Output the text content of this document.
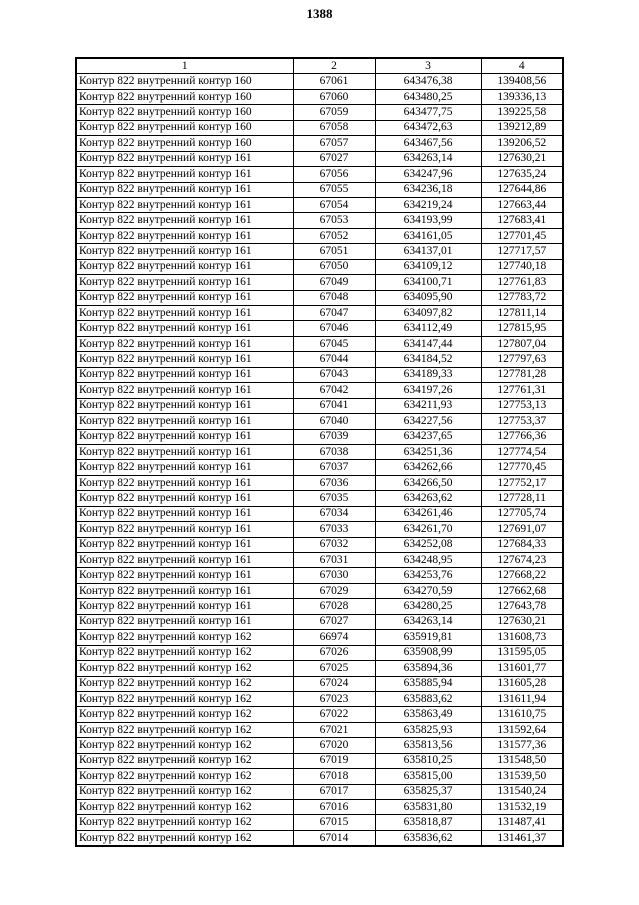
1388
1	2	3	4
Контур 822 внутренний контур 160	67061	643476,38	139408,56
Контур 822 внутренний контур 160	67060	643480,25	139336,13
Контур 822 внутренний контур 160	67059	643477,75	139225,58
Контур 822 внутренний контур 160	67058	643472,63	139212,89
Контур 822 внутренний контур 160	67057	643467,56	139206,52
Контур 822 внутренний контур 161	67027	634263,14	127630,21
Контур 822 внутренний контур 161	67056	634247,96	127635,24
Контур 822 внутренний контур 161	67055	634236,18	127644,86
Контур 822 внутренний контур 161	67054	634219,24	127663,44
Контур 822 внутренний контур 161	67053	634193,99	127683,41
Контур 822 внутренний контур 161	67052	634161,05	127701,45
Контур 822 внутренний контур 161	67051	634137,01	127717,57
Контур 822 внутренний контур 161	67050	634109,12	127740,18
Контур 822 внутренний контур 161	67049	634100,71	127761,83
Контур 822 внутренний контур 161	67048	634095,90	127783,72
Контур 822 внутренний контур 161	67047	634097,82	127811,14
Контур 822 внутренний контур 161	67046	634112,49	127815,95
Контур 822 внутренний контур 161	67045	634147,44	127807,04
Контур 822 внутренний контур 161	67044	634184,52	127797,63
Контур 822 внутренний контур 161	67043	634189,33	127781,28
Контур 822 внутренний контур 161	67042	634197,26	127761,31
Контур 822 внутренний контур 161	67041	634211,93	127753,13
Контур 822 внутренний контур 161	67040	634227,56	127753,37
Контур 822 внутренний контур 161	67039	634237,65	127766,36
Контур 822 внутренний контур 161	67038	634251,36	127774,54
Контур 822 внутренний контур 161	67037	634262,66	127770,45
Контур 822 внутренний контур 161	67036	634266,50	127752,17
Контур 822 внутренний контур 161	67035	634263,62	127728,11
Контур 822 внутренний контур 161	67034	634261,46	127705,74
Контур 822 внутренний контур 161	67033	634261,70	127691,07
Контур 822 внутренний контур 161	67032	634252,08	127684,33
Контур 822 внутренний контур 161	67031	634248,95	127674,23
Контур 822 внутренний контур 161	67030	634253,76	127668,22
Контур 822 внутренний контур 161	67029	634270,59	127662,68
Контур 822 внутренний контур 161	67028	634280,25	127643,78
Контур 822 внутренний контур 161	67027	634263,14	127630,21
Контур 822 внутренний контур 162	66974	635919,81	131608,73
Контур 822 внутренний контур 162	67026	635908,99	131595,05
Контур 822 внутренний контур 162	67025	635894,36	131601,77
Контур 822 внутренний контур 162	67024	635885,94	131605,28
Контур 822 внутренний контур 162	67023	635883,62	131611,94
Контур 822 внутренний контур 162	67022	635863,49	131610,75
Контур 822 внутренний контур 162	67021	635825,93	131592,64
Контур 822 внутренний контур 162	67020	635813,56	131577,36
Контур 822 внутренний контур 162	67019	635810,25	131548,50
Контур 822 внутренний контур 162	67018	635815,00	131539,50
Контур 822 внутренний контур 162	67017	635825,37	131540,24
Контур 822 внутренний контур 162	67016	635831,80	131532,19
Контур 822 внутренний контур 162	67015	635818,87	131487,41
Контур 822 внутренний контур 162	67014	635836,62	131461,37
